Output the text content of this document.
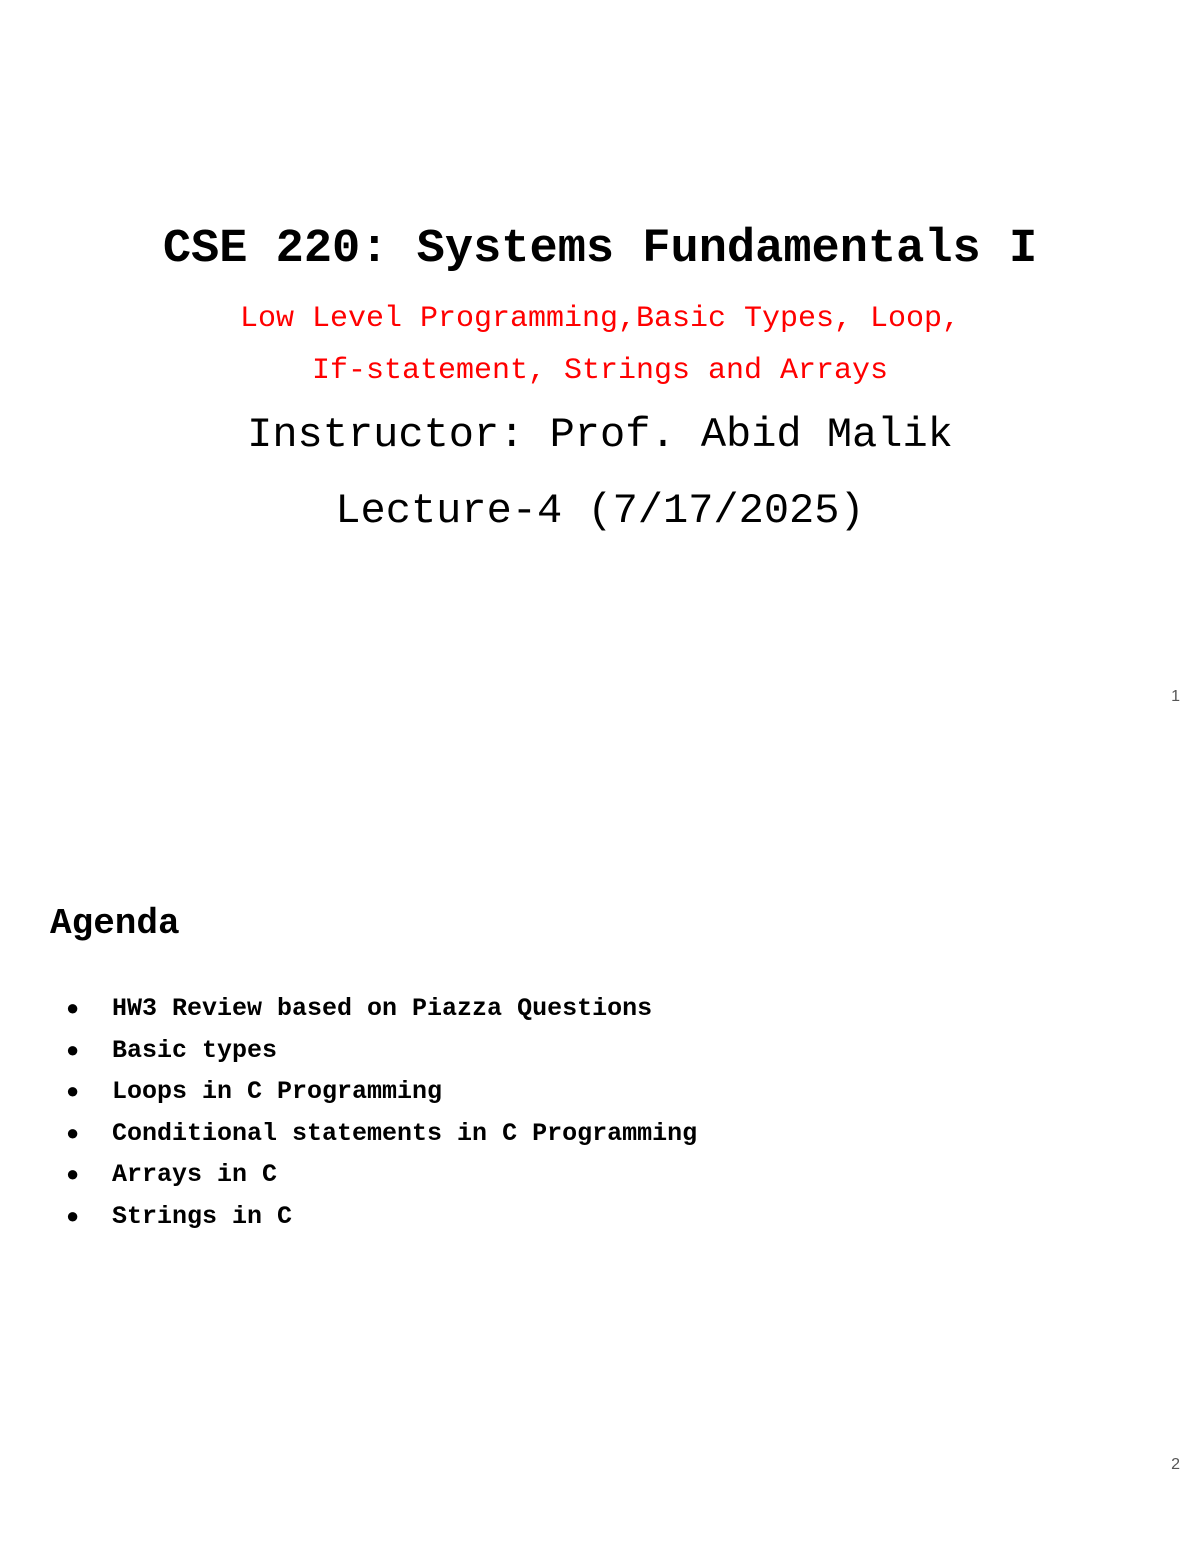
CSE 220: Systems Fundamentals I
Low Level Programming,Basic Types, Loop,
If-statement, Strings and Arrays
Instructor: Prof. Abid Malik
Lecture-4 (7/17/2025)
1
Agenda
● HW3 Review based on Piazza Questions
● Basic types
● Loops in C Programming
● Conditional statements in C Programming
● Arrays in C
● Strings in C
2
